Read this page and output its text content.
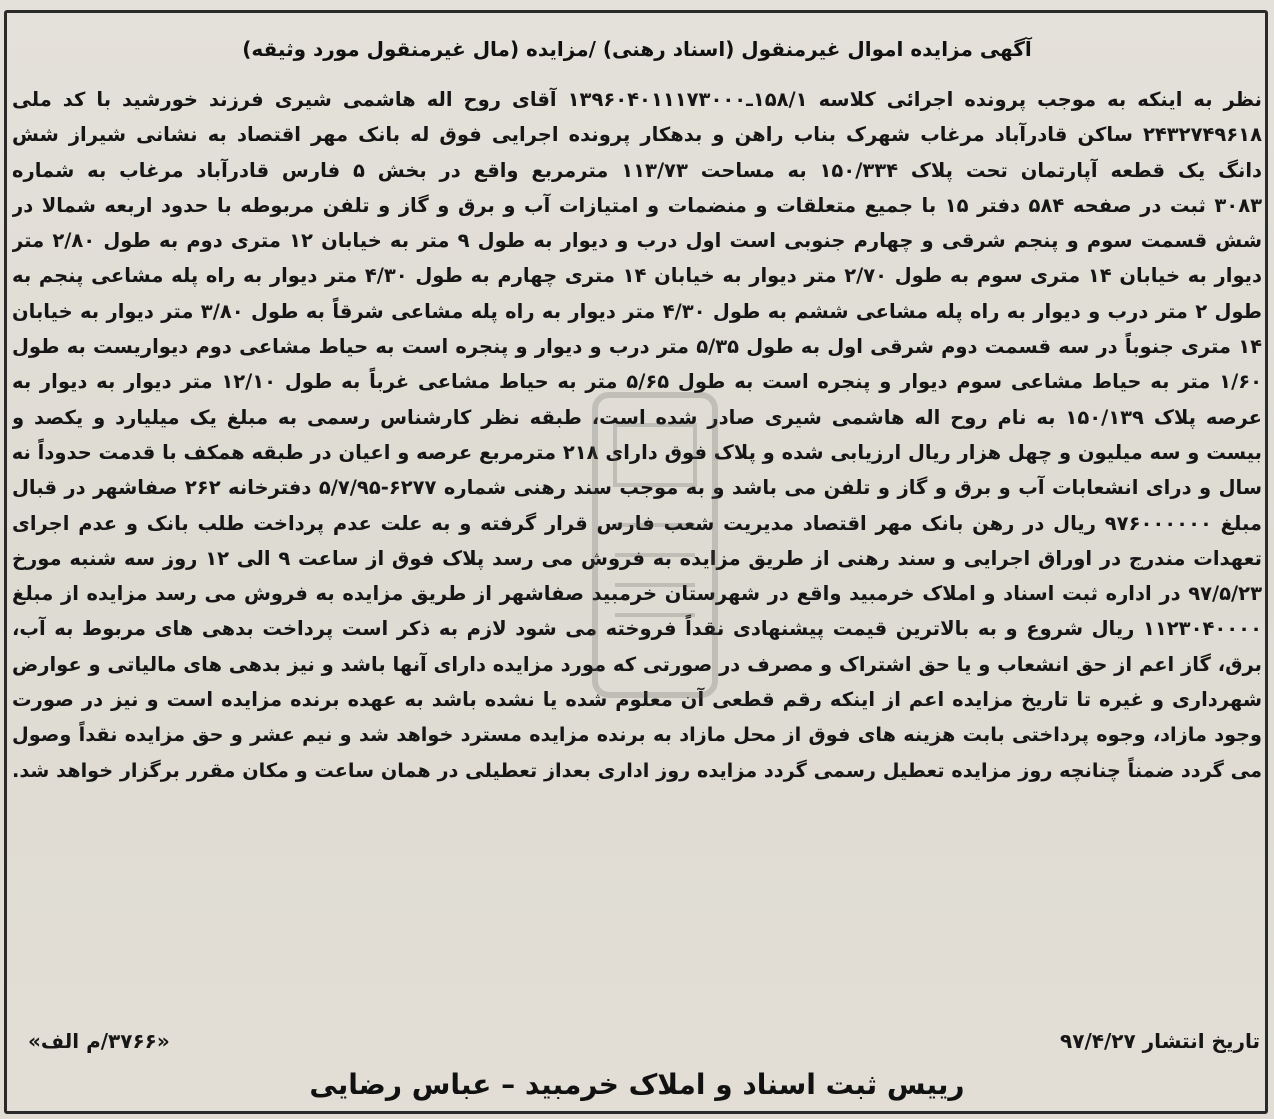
آگهی مزایده اموال غیرمنقول (اسناد رهنی) /مزایده (مال غیرمنقول مورد وثیقه)
نظر به اینکه به موجب پرونده اجرائی کلاسه ۱۵۸/۱ـ۱۳۹۶۰۴۰۱۱۱۷۳۰۰۰ آقای روح اله هاشمی شیری فرزند خورشید با کد ملی
۲۴۳۲۷۴۹۶۱۸ ساکن قادرآباد مرغاب شهرک بناب راهن و بدهکار پرونده اجرایی فوق له بانک مهر اقتصاد به نشانی شیراز شش
دانگ یک قطعه آپارتمان تحت پلاک ۱۵۰/۳۳۴ به مساحت ۱۱۳/۷۳ مترمربع واقع در بخش ۵ فارس قادرآباد مرغاب به شماره
۳۰۸۳ ثبت در صفحه ۵۸۴ دفتر ۱۵ با جمیع متعلقات و منضمات و امتیازات آب و برق و گاز و تلفن مربوطه با حدود اربعه شمالا در
شش قسمت سوم و پنجم شرقی و چهارم جنوبی است اول درب و دیوار به طول ۹ متر به خیابان ۱۲ متری دوم به طول ۲/۸۰ متر
دیوار به خیابان ۱۴ متری سوم به طول ۲/۷۰ متر دیوار به خیابان ۱۴ متری چهارم به طول ۴/۳۰ متر دیوار به راه پله مشاعی پنجم به
طول ۲ متر درب و دیوار به راه پله مشاعی ششم به طول ۴/۳۰ متر دیوار به راه پله مشاعی شرقاً به طول ۳/۸۰ متر دیوار به خیابان
۱۴ متری جنوباً در سه قسمت دوم شرقی اول به طول ۵/۳۵ متر درب و دیوار و پنجره است به حیاط مشاعی دوم دیواریست به طول
۱/۶۰ متر به حیاط مشاعی سوم دیوار و پنجره است به طول ۵/۶۵ متر به حیاط مشاعی غرباً به طول ۱۲/۱۰ متر دیوار به دیوار به
عرصه پلاک ۱۵۰/۱۳۹ به نام روح اله هاشمی شیری صادر شده است، طبقه نظر کارشناس رسمی به مبلغ یک میلیارد و یکصد و
بیست و سه میلیون و چهل هزار ریال ارزیابی شده و پلاک فوق دارای ۲۱۸ مترمربع عرصه و اعیان در طبقه همکف با قدمت حدوداً نه
سال و درای انشعابات آب و برق و گاز و تلفن می باشد و به موجب سند رهنی شماره ۶۲۷۷-۵/۷/۹۵ دفترخانه ۲۶۲ صفاشهر در قبال
مبلغ ۹۷۶۰۰۰۰۰۰ ریال در رهن بانک مهر اقتصاد مدیریت شعب فارس قرار گرفته و به علت عدم پرداخت طلب بانک و عدم اجرای
تعهدات مندرج در اوراق اجرایی و سند رهنی از طریق مزایده به فروش می رسد پلاک فوق از ساعت ۹ الی ۱۲ روز سه شنبه مورخ
۹۷/۵/۲۳ در اداره ثبت اسناد و املاک خرمبید واقع در شهرستان خرمبید صفاشهر از طریق مزایده به فروش می رسد مزایده از مبلغ
۱۱۲۳۰۴۰۰۰۰ ریال شروع و به بالاترین قیمت پیشنهادی نقداً فروخته می شود لازم به ذکر است پرداخت بدهی های مربوط به آب،
برق، گاز اعم از حق انشعاب و یا حق اشتراک و مصرف در صورتی که مورد مزایده دارای آنها باشد و نیز بدهی های مالیاتی و عوارض
شهرداری و غیره تا تاریخ مزایده اعم از اینکه رقم قطعی آن معلوم شده یا نشده باشد به عهده برنده مزایده است و نیز در صورت
وجود مازاد، وجوه پرداختی بابت هزینه های فوق از محل مازاد به برنده مزایده مسترد خواهد شد و نیم عشر و حق مزایده نقداً وصول
می گردد ضمناً چنانچه روز مزایده تعطیل رسمی گردد مزایده روز اداری بعداز تعطیلی در همان ساعت و مکان مقرر برگزار خواهد شد.
تاریخ انتشار ۹۷/۴/۲۷
«۳۷۶۶/م الف»
رییس ثبت اسناد و املاک خرمبید – عباس رضایی
